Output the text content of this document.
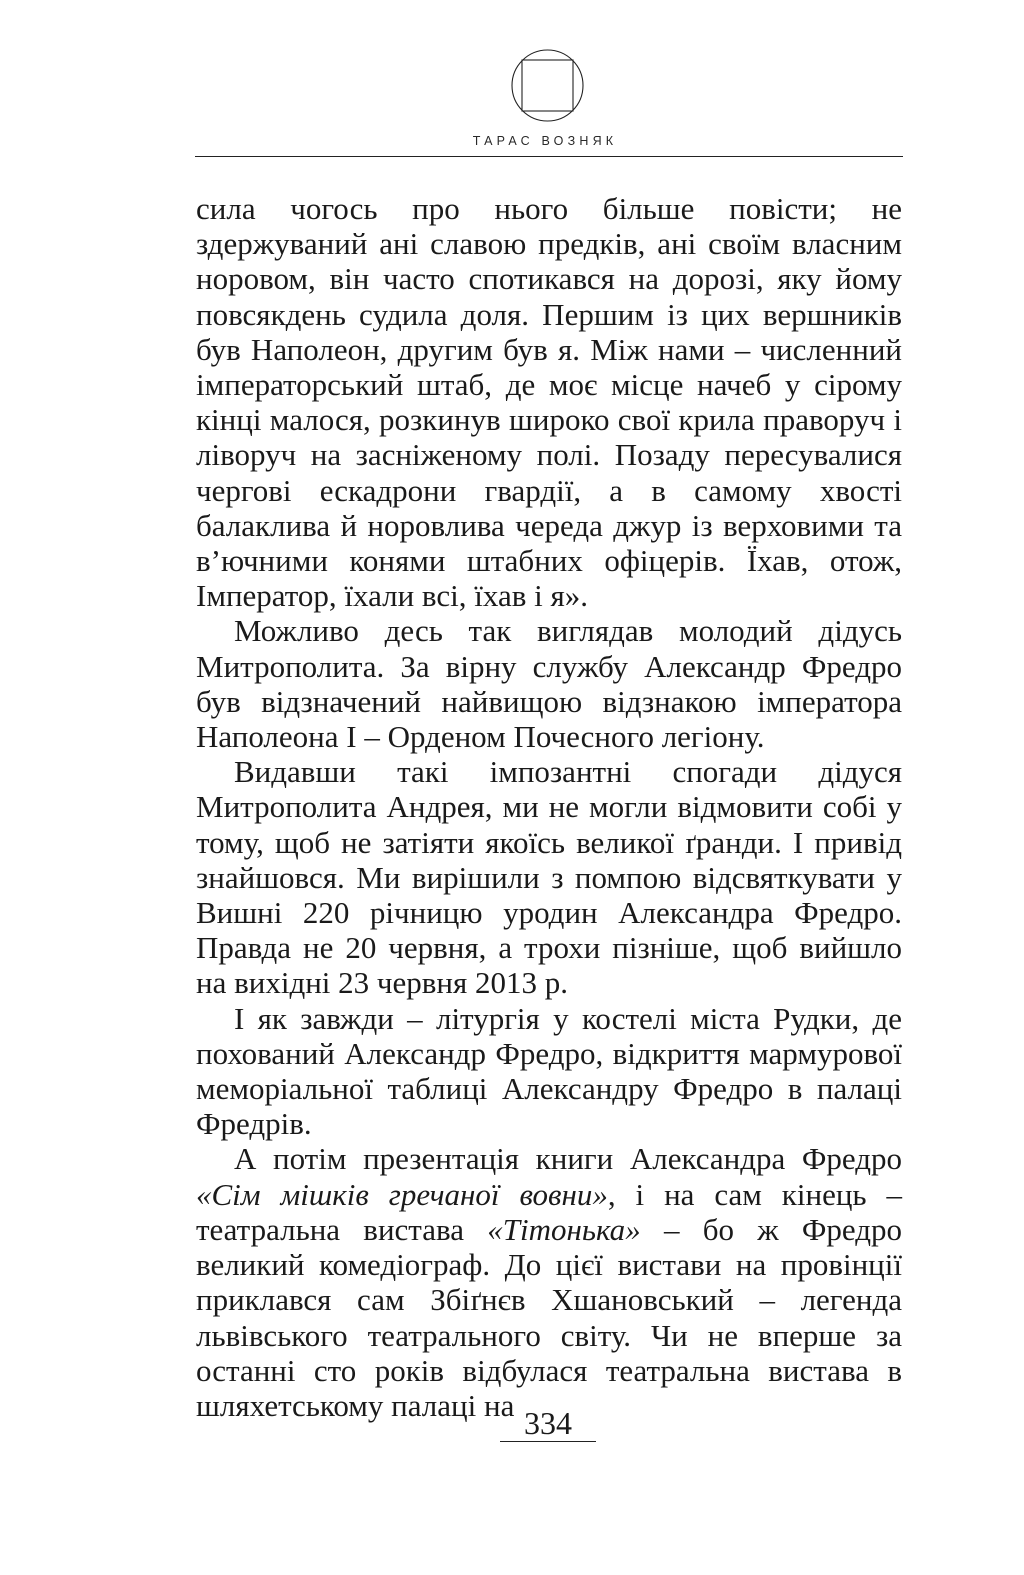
ТАРАС ВОЗНЯК

сила чогось про нього більше повісти; не здержуваний ані славою предків, ані своїм власним норовом, він часто спотикався на дорозі, яку йому повсякдень судила доля. Першим із цих вершників був Наполеон, другим був я. Між нами – численний імператорський штаб, де моє місце начеб у сірому кінці малося, розкинув широко свої крила праворуч і ліворуч на засніженому полі. Позаду пересувалися чергові ескадрони гвардії, а в самому хвості балаклива й норовлива череда джур із верховими та в’ючними конями штабних офіцерів. Їхав, отож, Імператор, їхали всі, їхав і я».

Можливо десь так виглядав молодий дідусь Митрополита. За вірну службу Александр Фредро був відзначений найвищою відзнакою імператора Наполеона І – Орденом Почесного легіону.

Видавши такі імпозантні спогади дідуся Митрополита Андрея, ми не могли відмовити собі у тому, щоб не затіяти якоїсь великої ґранди. І привід знайшовся. Ми вирішили з помпою відсвяткувати у Вишні 220 річницю уродин Александра Фредро. Правда не 20 червня, а трохи пізніше, щоб вийшло на вихідні 23 червня 2013 р.

І як завжди – літургія у костелі міста Рудки, де похований Александр Фредро, відкриття мармурової меморіальної таблиці Александру Фредро в палаці Фредрів.

А потім презентація книги Александра Фредро «Сім мішків гречаної вовни», і на сам кінець – театральна вистава «Тітонька» – бо ж Фредро великий комедіограф. До цієї вистави на провінції приклався сам Збіґнєв Хшановський – легенда львівського театрального світу. Чи не вперше за останні сто років відбулася театральна вистава в шляхетському палаці на 334
